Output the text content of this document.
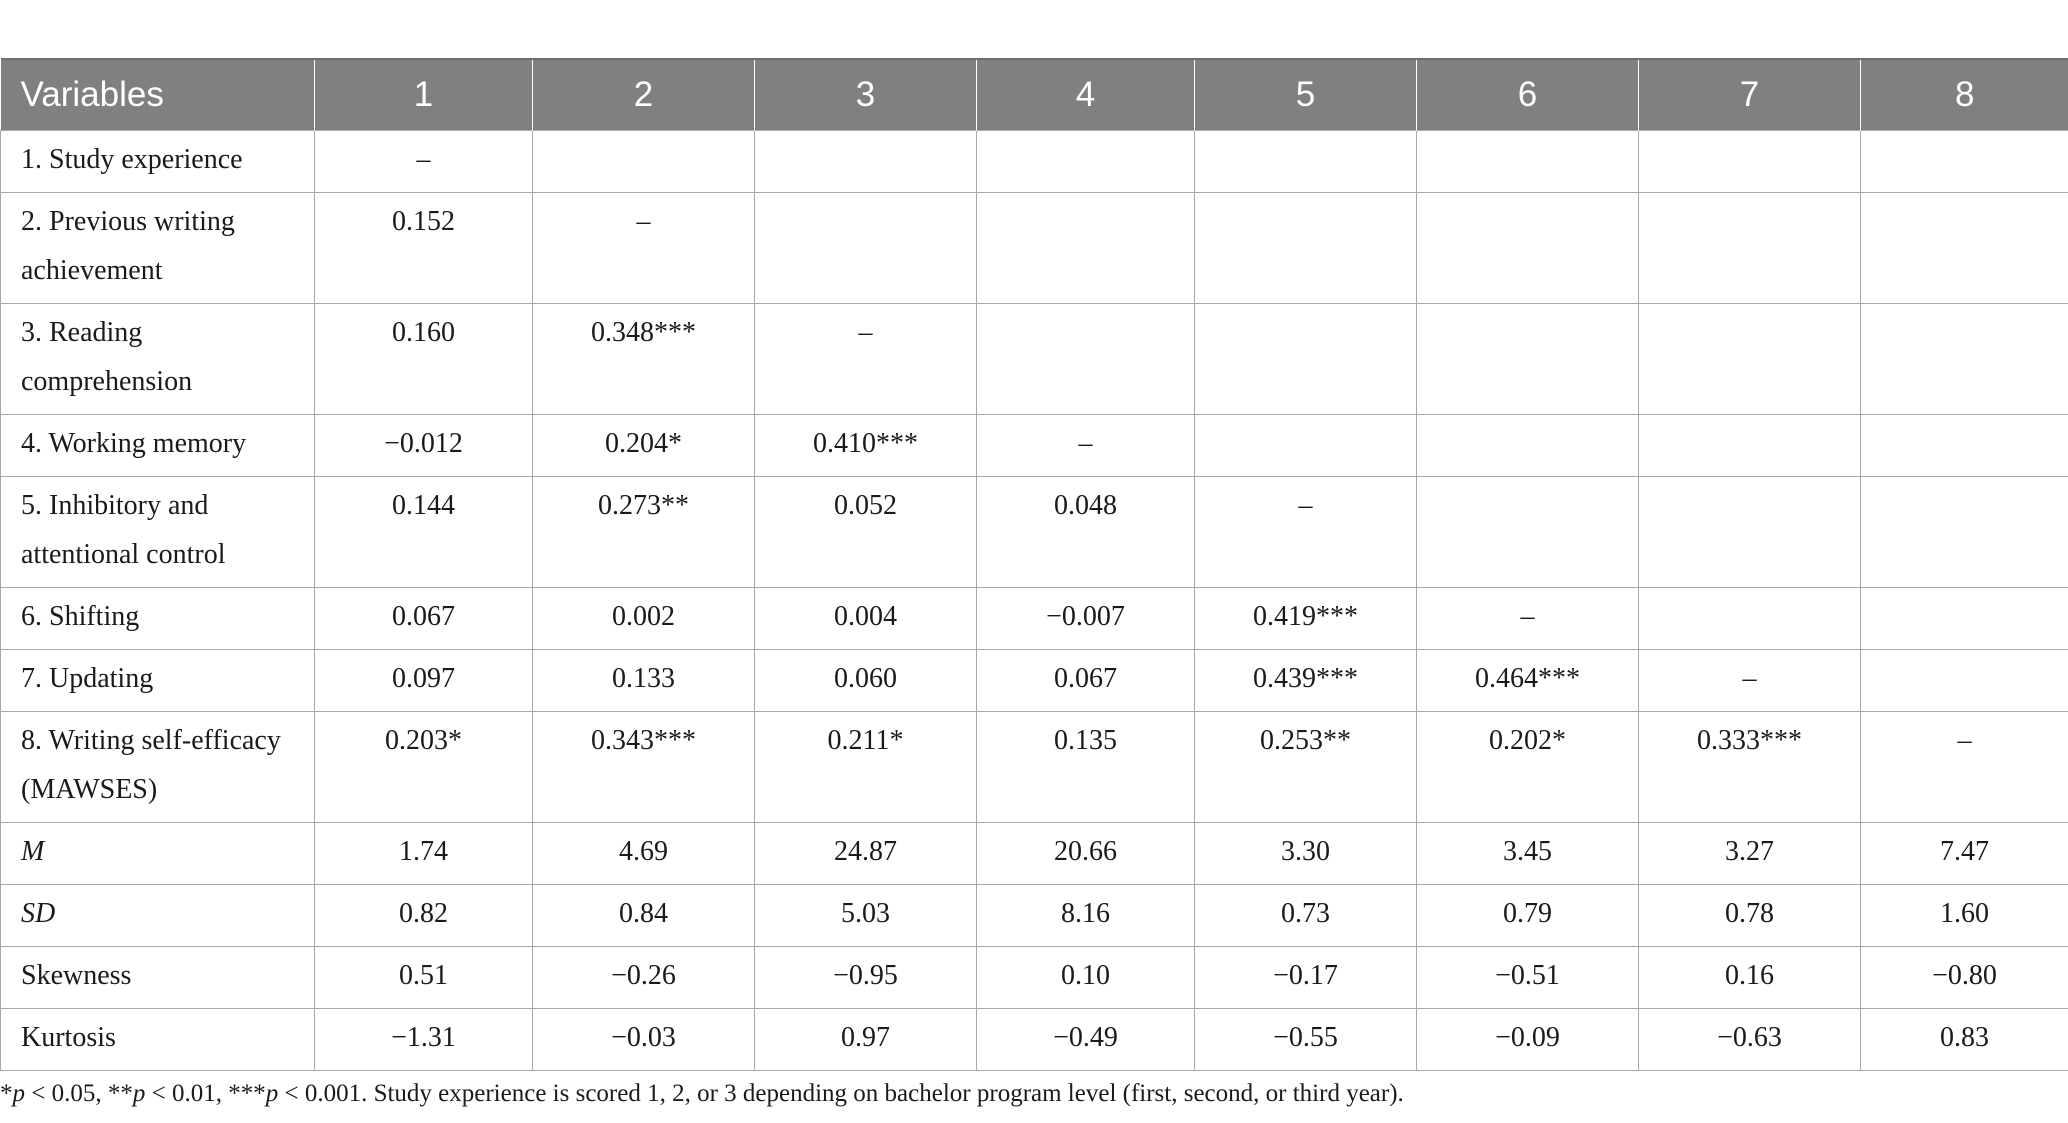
Variables	1	2	3	4	5	6	7	8
1. Study experience	–							
2. Previous writing achievement	0.152	–						
3. Reading comprehension	0.160	0.348***	–					
4. Working memory	−0.012	0.204*	0.410***	–				
5. Inhibitory and attentional control	0.144	0.273**	0.052	0.048	–			
6. Shifting	0.067	0.002	0.004	−0.007	0.419***	–		
7. Updating	0.097	0.133	0.060	0.067	0.439***	0.464***	–	
8. Writing self-efficacy (MAWSES)	0.203*	0.343***	0.211*	0.135	0.253**	0.202*	0.333***	–
M	1.74	4.69	24.87	20.66	3.30	3.45	3.27	7.47
SD	0.82	0.84	5.03	8.16	0.73	0.79	0.78	1.60
Skewness	0.51	−0.26	−0.95	0.10	−0.17	−0.51	0.16	−0.80
Kurtosis	−1.31	−0.03	0.97	−0.49	−0.55	−0.09	−0.63	0.83
*p < 0.05, **p < 0.01, ***p < 0.001. Study experience is scored 1, 2, or 3 depending on bachelor program level (first, second, or third year).
